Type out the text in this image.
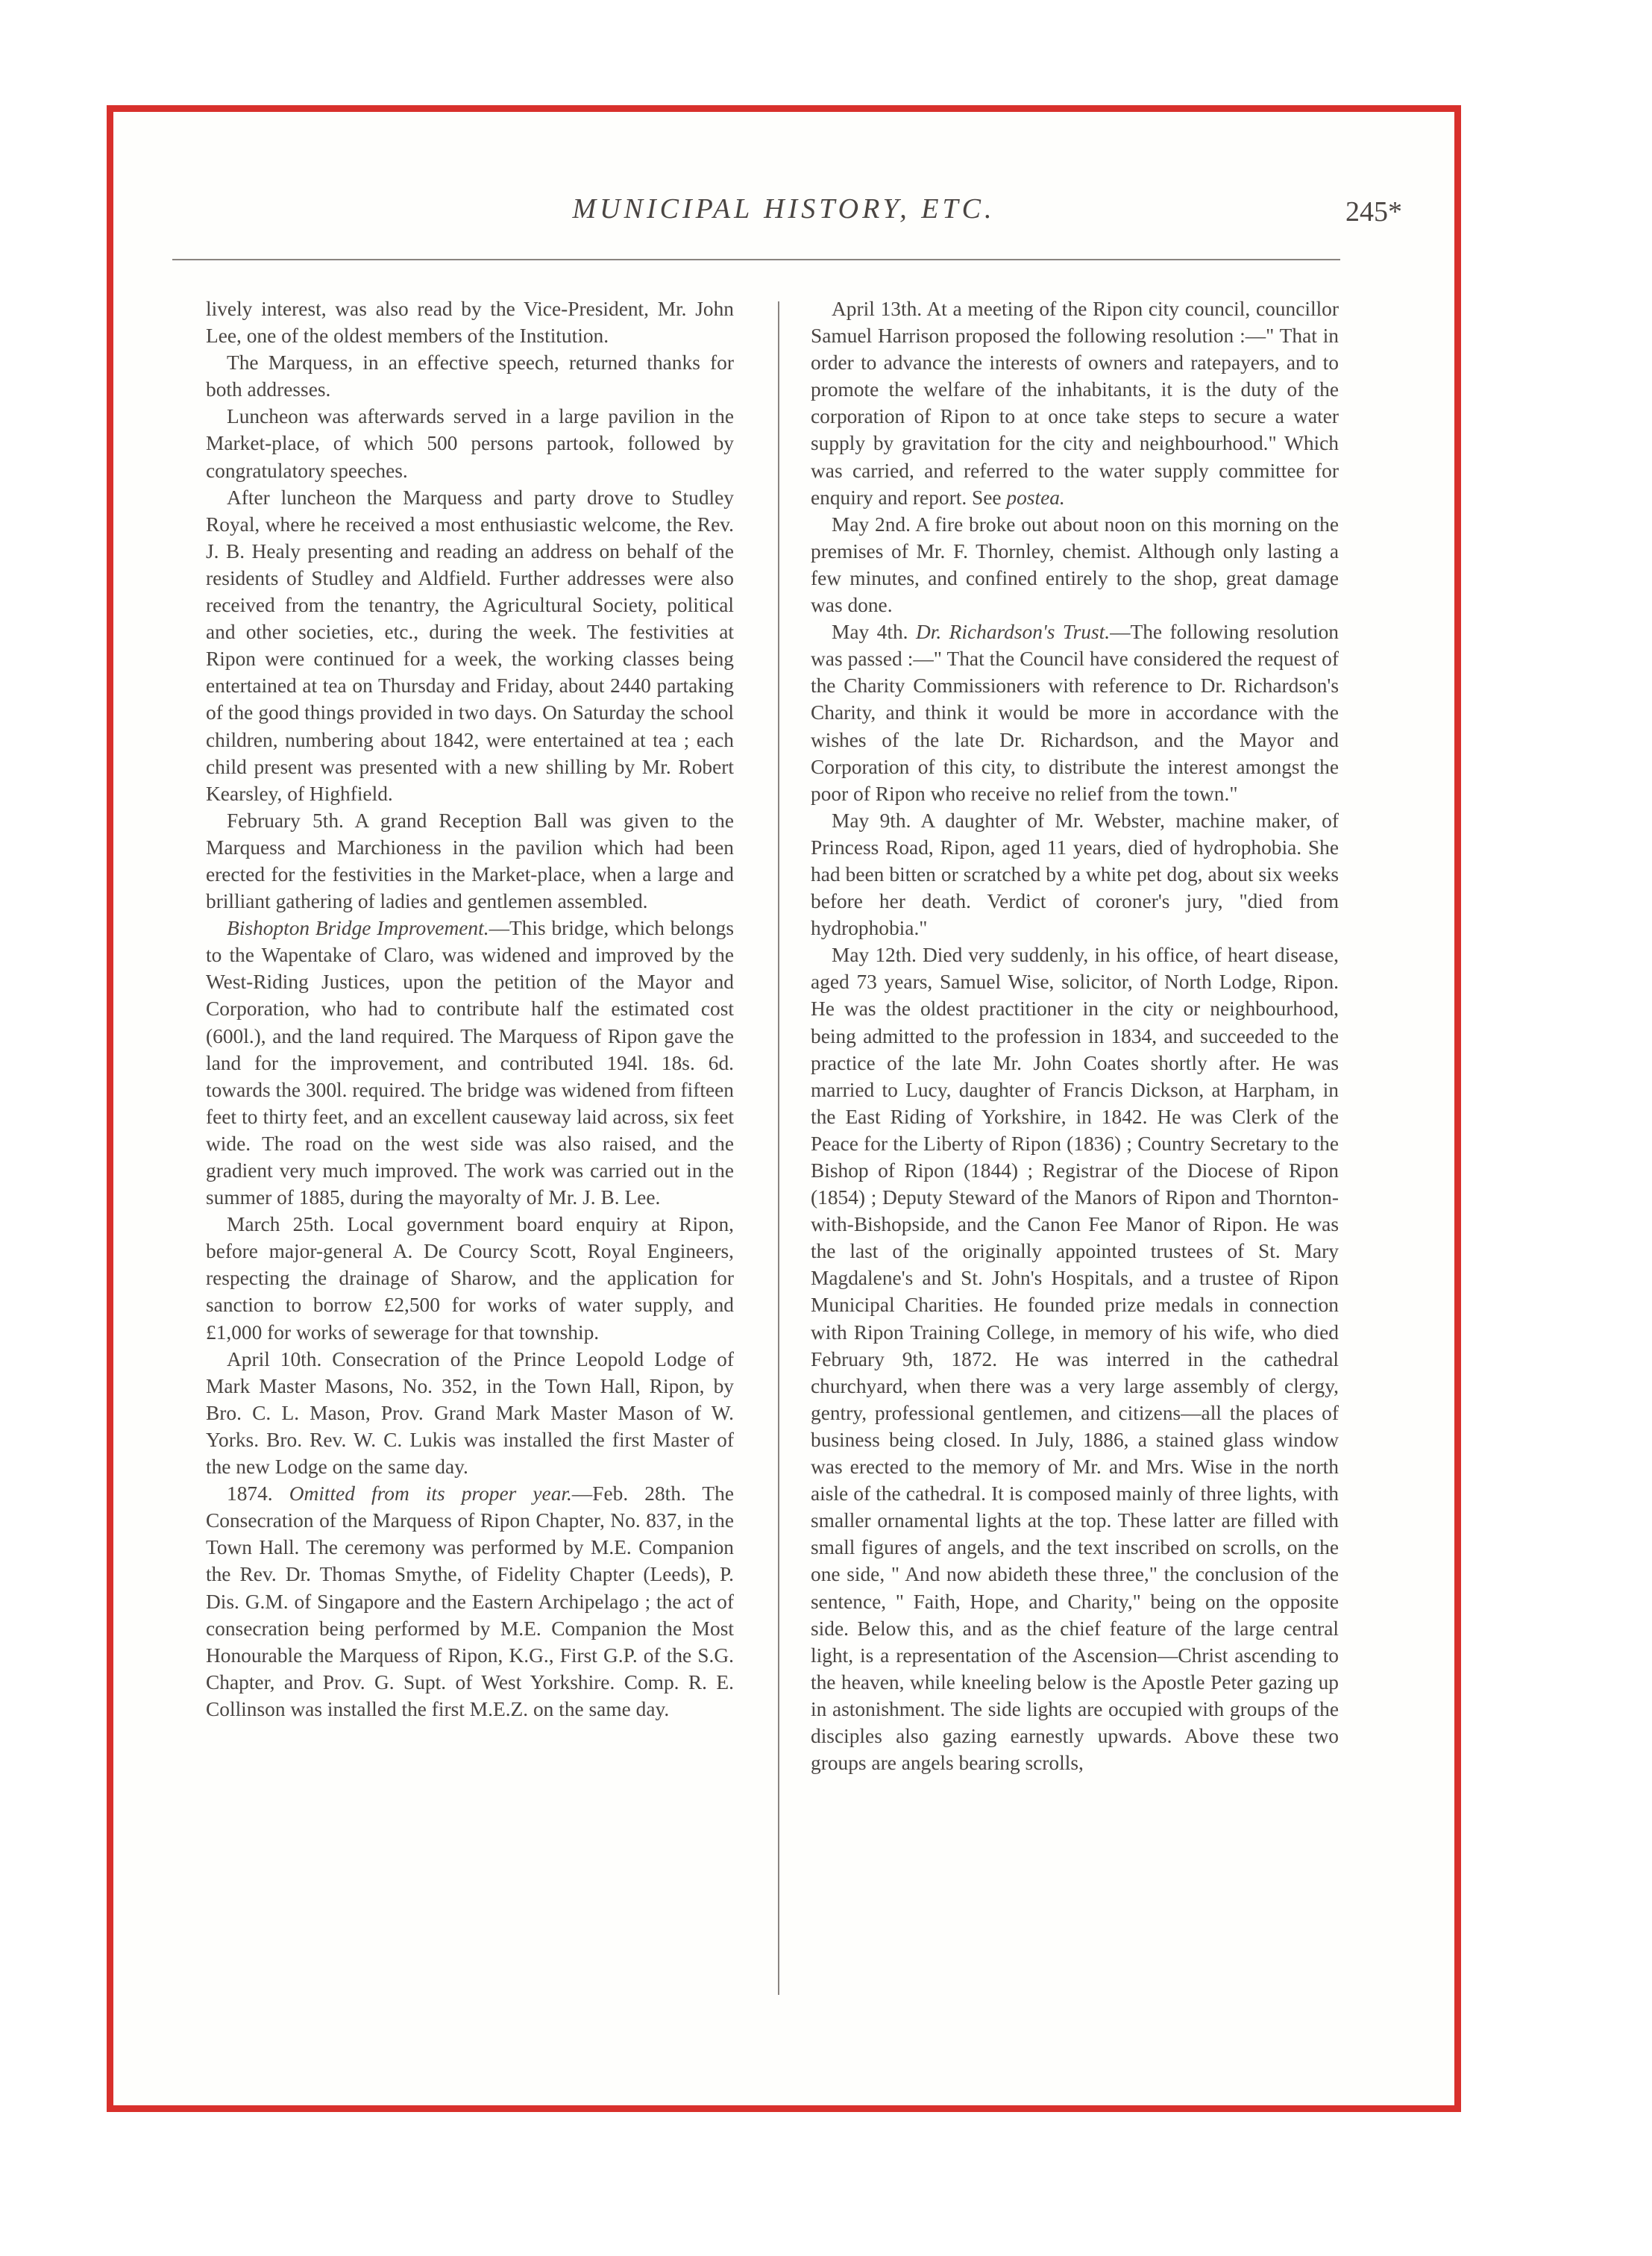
MUNICIPAL HISTORY, ETC.	245*

lively interest, was also read by the Vice-President, Mr. John Lee, one of the oldest members of the Institution.

The Marquess, in an effective speech, returned thanks for both addresses.

Luncheon was afterwards served in a large pavilion in the Market-place, of which 500 persons partook, followed by congratulatory speeches.

After luncheon the Marquess and party drove to Studley Royal, where he received a most enthusiastic welcome, the Rev. J. B. Healy presenting and reading an address on behalf of the residents of Studley and Aldfield. Further addresses were also received from the tenantry, the Agricultural Society, political and other societies, etc., during the week. The festivities at Ripon were continued for a week, the working classes being entertained at tea on Thursday and Friday, about 2440 partaking of the good things provided in two days. On Saturday the school children, numbering about 1842, were entertained at tea ; each child present was presented with a new shilling by Mr. Robert Kearsley, of Highfield.

February 5th. A grand Reception Ball was given to the Marquess and Marchioness in the pavilion which had been erected for the festivities in the Market-place, when a large and brilliant gathering of ladies and gentlemen assembled.

Bishopton Bridge Improvement.—This bridge, which belongs to the Wapentake of Claro, was widened and improved by the West-Riding Justices, upon the petition of the Mayor and Corporation, who had to contribute half the estimated cost (600l.), and the land required. The Marquess of Ripon gave the land for the improvement, and contributed 194l. 18s. 6d. towards the 300l. required. The bridge was widened from fifteen feet to thirty feet, and an excellent causeway laid across, six feet wide. The road on the west side was also raised, and the gradient very much improved. The work was carried out in the summer of 1885, during the mayoralty of Mr. J. B. Lee.

March 25th. Local government board enquiry at Ripon, before major-general A. De Courcy Scott, Royal Engineers, respecting the drainage of Sharow, and the application for sanction to borrow £2,500 for works of water supply, and £1,000 for works of sewerage for that township.

April 10th. Consecration of the Prince Leopold Lodge of Mark Master Masons, No. 352, in the Town Hall, Ripon, by Bro. C. L. Mason, Prov. Grand Mark Master Mason of W. Yorks. Bro. Rev. W. C. Lukis was installed the first Master of the new Lodge on the same day.

1874. Omitted from its proper year.—Feb. 28th. The Consecration of the Marquess of Ripon Chapter, No. 837, in the Town Hall. The ceremony was performed by M.E. Companion the Rev. Dr. Thomas Smythe, of Fidelity Chapter (Leeds), P. Dis. G.M. of Singapore and the Eastern Archipelago ; the act of consecration being performed by M.E. Companion the Most Honourable the Marquess of Ripon, K.G., First G.P. of the S.G. Chapter, and Prov. G. Supt. of West Yorkshire. Comp. R. E. Collinson was installed the first M.E.Z. on the same day.

April 13th. At a meeting of the Ripon city council, councillor Samuel Harrison proposed the following resolution :—" That in order to advance the interests of owners and ratepayers, and to promote the welfare of the inhabitants, it is the duty of the corporation of Ripon to at once take steps to secure a water supply by gravitation for the city and neighbourhood." Which was carried, and referred to the water supply committee for enquiry and report. See postea.

May 2nd. A fire broke out about noon on this morning on the premises of Mr. F. Thornley, chemist. Although only lasting a few minutes, and confined entirely to the shop, great damage was done.

May 4th. Dr. Richardson's Trust.—The following resolution was passed :—" That the Council have considered the request of the Charity Commissioners with reference to Dr. Richardson's Charity, and think it would be more in accordance with the wishes of the late Dr. Richardson, and the Mayor and Corporation of this city, to distribute the interest amongst the poor of Ripon who receive no relief from the town."

May 9th. A daughter of Mr. Webster, machine maker, of Princess Road, Ripon, aged 11 years, died of hydrophobia. She had been bitten or scratched by a white pet dog, about six weeks before her death. Verdict of coroner's jury, "died from hydrophobia."

May 12th. Died very suddenly, in his office, of heart disease, aged 73 years, Samuel Wise, solicitor, of North Lodge, Ripon. He was the oldest practitioner in the city or neighbourhood, being admitted to the profession in 1834, and succeeded to the practice of the late Mr. John Coates shortly after. He was married to Lucy, daughter of Francis Dickson, at Harpham, in the East Riding of Yorkshire, in 1842. He was Clerk of the Peace for the Liberty of Ripon (1836) ; Country Secretary to the Bishop of Ripon (1844) ; Registrar of the Diocese of Ripon (1854) ; Deputy Steward of the Manors of Ripon and Thornton-with-Bishopside, and the Canon Fee Manor of Ripon. He was the last of the originally appointed trustees of St. Mary Magdalene's and St. John's Hospitals, and a trustee of Ripon Municipal Charities. He founded prize medals in connection with Ripon Training College, in memory of his wife, who died February 9th, 1872. He was interred in the cathedral churchyard, when there was a very large assembly of clergy, gentry, professional gentlemen, and citizens—all the places of business being closed. In July, 1886, a stained glass window was erected to the memory of Mr. and Mrs. Wise in the north aisle of the cathedral. It is composed mainly of three lights, with smaller ornamental lights at the top. These latter are filled with small figures of angels, and the text inscribed on scrolls, on the one side, " And now abideth these three," the conclusion of the sentence, " Faith, Hope, and Charity," being on the opposite side. Below this, and as the chief feature of the large central light, is a representation of the Ascension—Christ ascending to the heaven, while kneeling below is the Apostle Peter gazing up in astonishment. The side lights are occupied with groups of the disciples also gazing earnestly upwards. Above these two groups are angels bearing scrolls,
